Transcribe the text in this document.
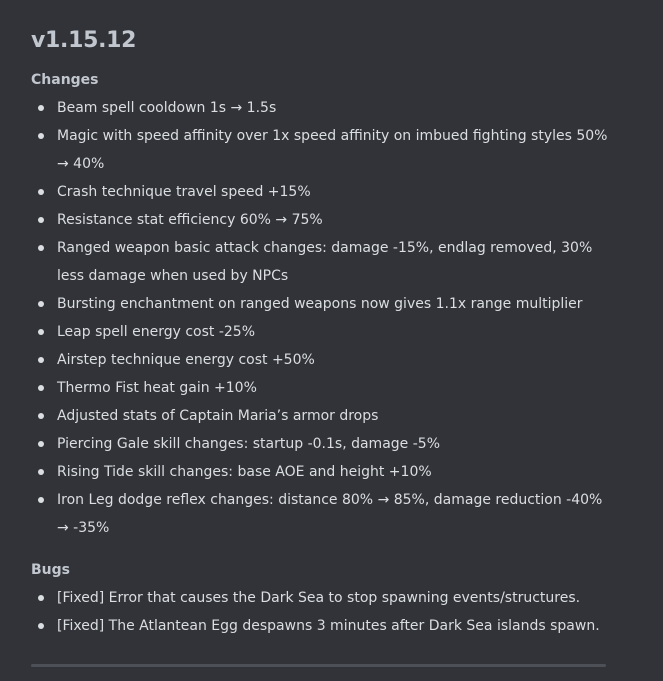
v1.15.12
Changes
Beam spell cooldown 1s → 1.5s
Magic with speed affinity over 1x speed affinity on imbued fighting styles 50% → 40%
Crash technique travel speed +15%
Resistance stat efficiency 60% → 75%
Ranged weapon basic attack changes: damage -15%, endlag removed, 30% less damage when used by NPCs
Bursting enchantment on ranged weapons now gives 1.1x range multiplier
Leap spell energy cost -25%
Airstep technique energy cost +50%
Thermo Fist heat gain +10%
Adjusted stats of Captain Maria’s armor drops
Piercing Gale skill changes: startup -0.1s, damage -5%
Rising Tide skill changes: base AOE and height +10%
Iron Leg dodge reflex changes: distance 80% → 85%, damage reduction -40% → -35%
Bugs
[Fixed] Error that causes the Dark Sea to stop spawning events/structures.
[Fixed] The Atlantean Egg despawns 3 minutes after Dark Sea islands spawn.
